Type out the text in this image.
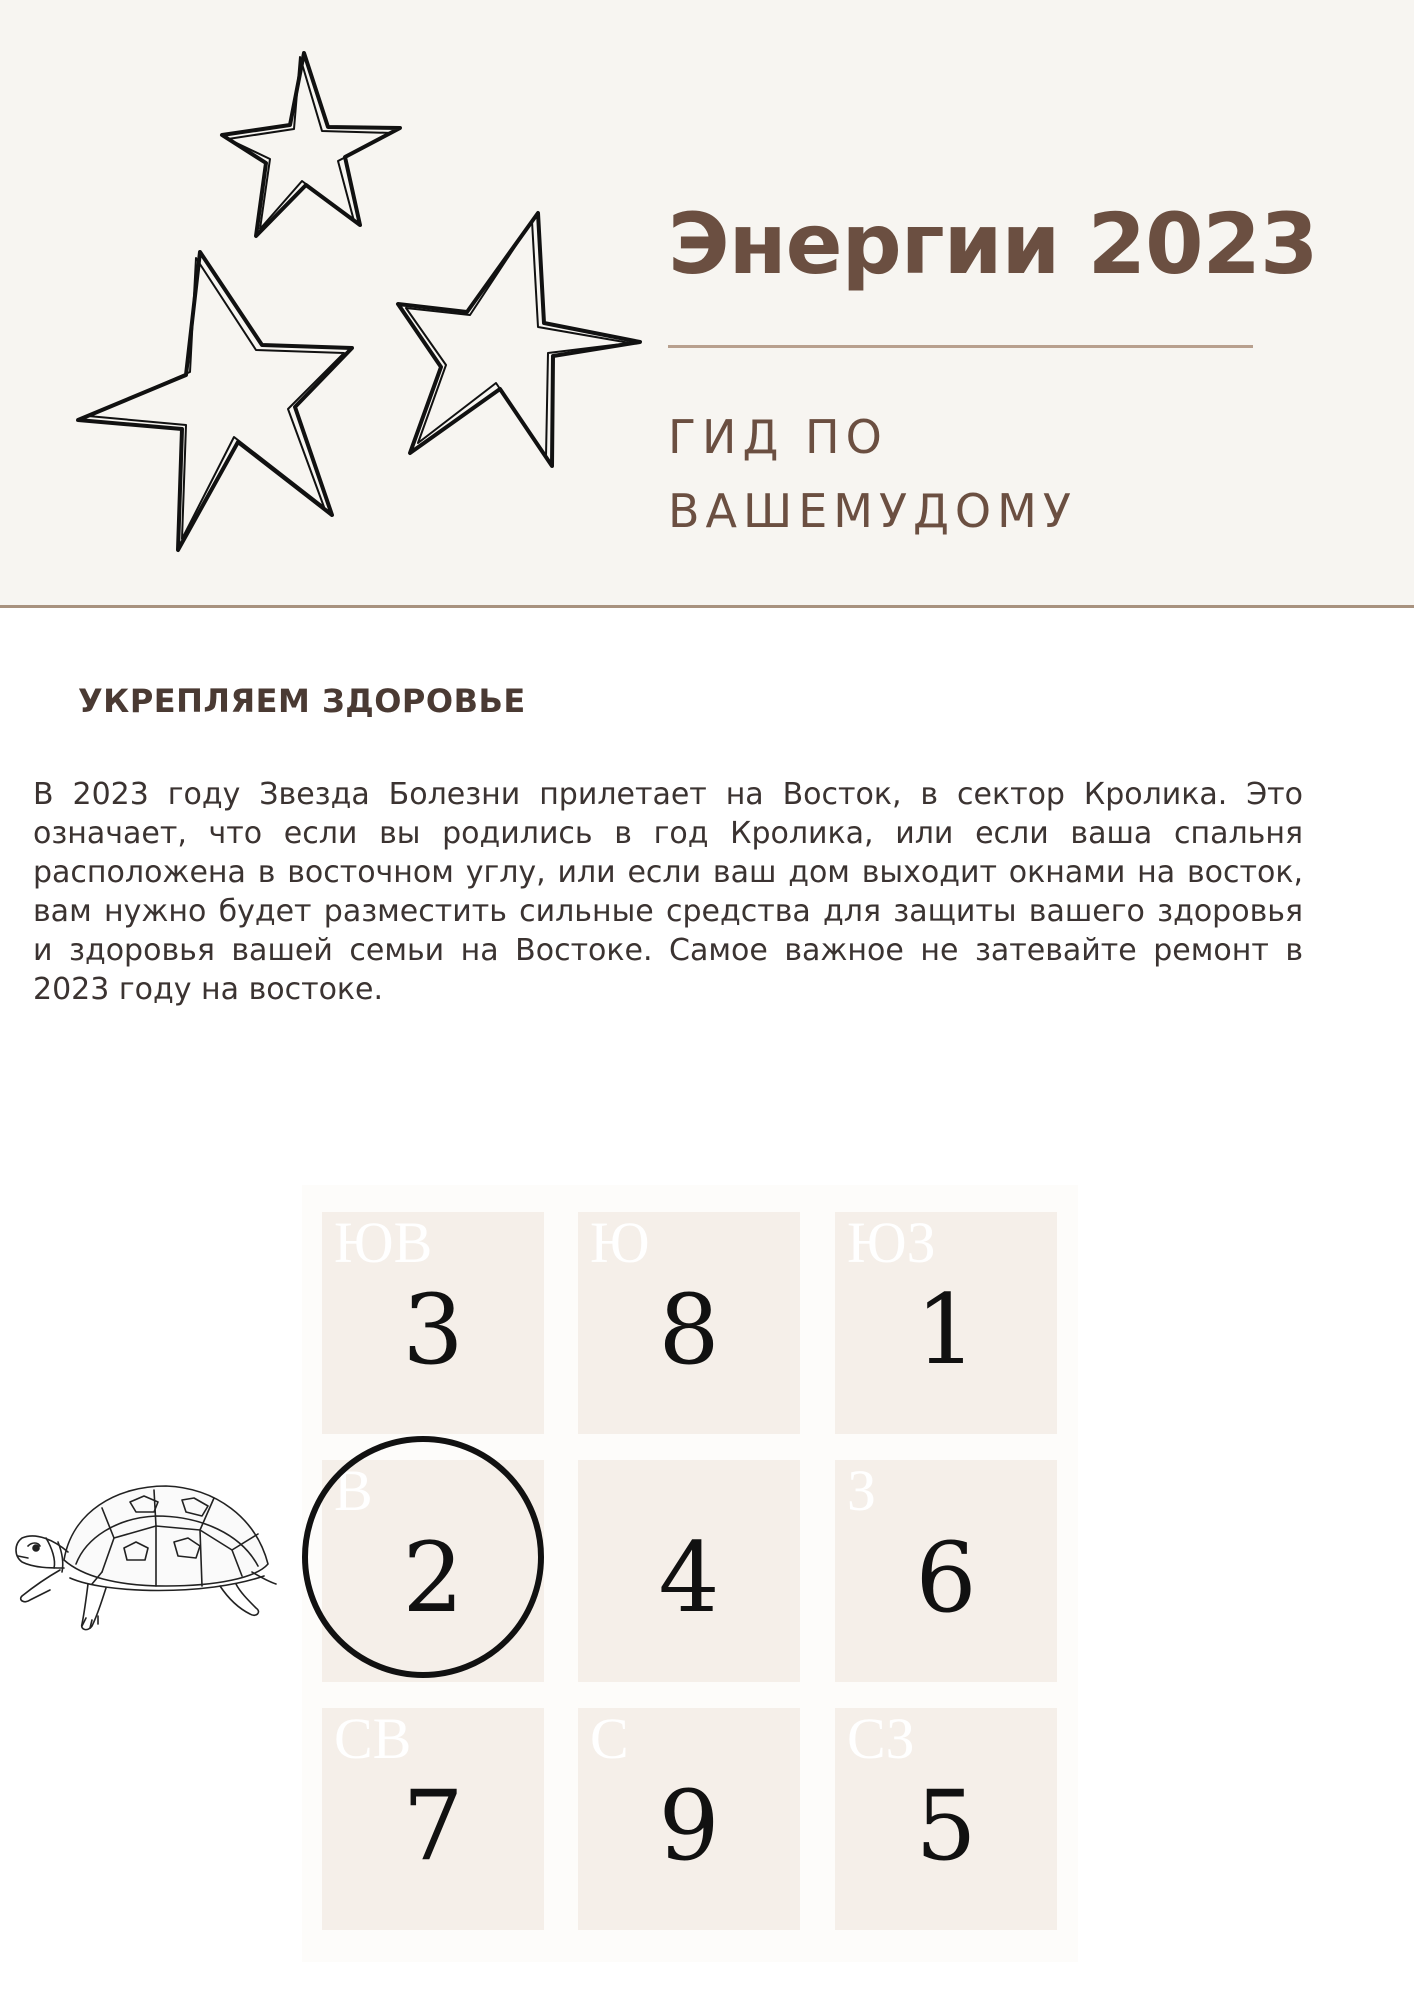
Энергии 2023

ГИД ПО ВАШЕМУДОМУ

УКРЕПЛЯЕМ ЗДОРОВЬЕ

В 2023 году Звезда Болезни прилетает на Восток, в сектор Кролика. Это означает, что если вы родились в год Кролика, или если ваша спальня расположена в восточном углу, или если ваш дом выходит окнами на восток, вам нужно будет разместить сильные средства для защиты вашего здоровья и здоровья вашей семьи на Востоке. Самое важное не затевайте ремонт в 2023 году на востоке.

ЮВ
3
Ю
8
ЮЗ
1
В
2	4
З
6
СВ
7
С
9
СЗ
5
